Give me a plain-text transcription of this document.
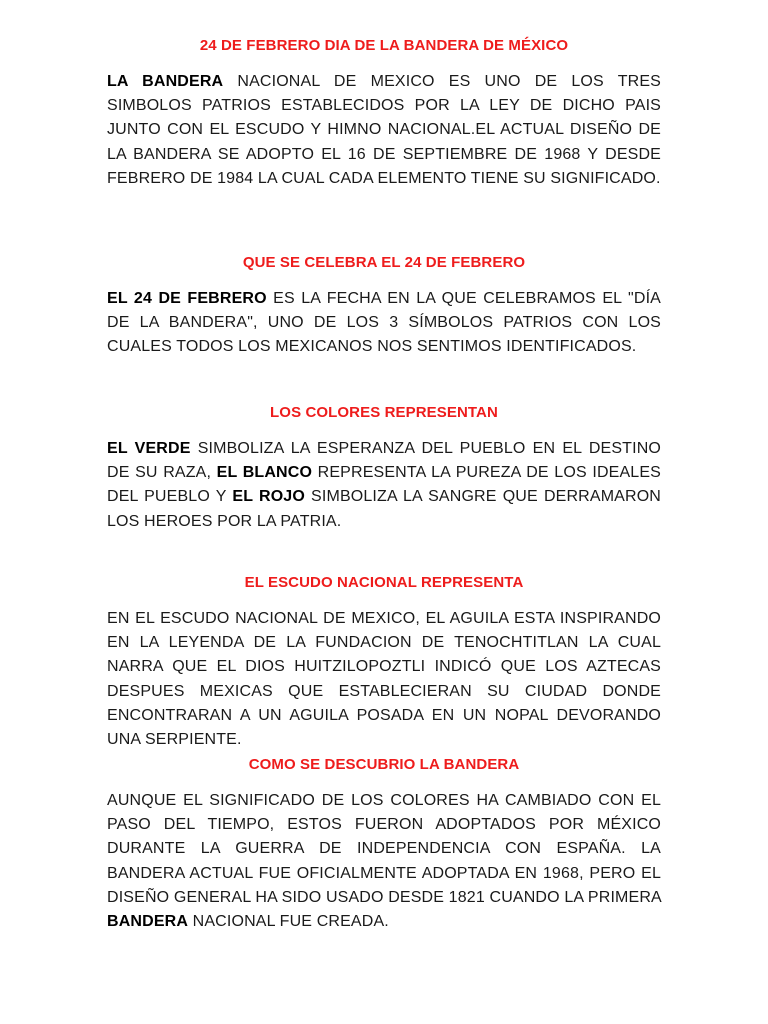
24 DE FEBRERO DIA DE LA BANDERA DE MÉXICO

LA BANDERA NACIONAL DE MEXICO ES UNO DE LOS TRES SIMBOLOS PATRIOS ESTABLECIDOS POR LA LEY DE DICHO PAIS JUNTO CON EL ESCUDO Y HIMNO NACIONAL.EL ACTUAL DISEÑO DE LA BANDERA SE ADOPTO EL 16 DE SEPTIEMBRE DE 1968 Y DESDE FEBRERO DE 1984 LA CUAL CADA ELEMENTO TIENE SU SIGNIFICADO.

QUE SE CELEBRA EL 24 DE FEBRERO

EL 24 DE FEBRERO ES LA FECHA EN LA QUE CELEBRAMOS EL "DÍA DE LA BANDERA", UNO DE LOS 3 SÍMBOLOS PATRIOS CON LOS CUALES TODOS LOS MEXICANOS NOS SENTIMOS IDENTIFICADOS.

LOS COLORES REPRESENTAN

EL VERDE SIMBOLIZA LA ESPERANZA DEL PUEBLO EN EL DESTINO DE SU RAZA, EL BLANCO REPRESENTA LA PUREZA DE LOS IDEALES DEL PUEBLO Y EL ROJO SIMBOLIZA LA SANGRE QUE DERRAMARON LOS HEROES POR LA PATRIA.

EL ESCUDO NACIONAL REPRESENTA

EN EL ESCUDO NACIONAL DE MEXICO, EL AGUILA ESTA INSPIRANDO EN LA LEYENDA DE LA FUNDACION DE TENOCHTITLAN LA CUAL NARRA QUE EL DIOS HUITZILOPOZTLI INDICÓ QUE LOS AZTECAS DESPUES MEXICAS QUE ESTABLECIERAN SU CIUDAD DONDE ENCONTRARAN A UN AGUILA POSADA EN UN NOPAL DEVORANDO UNA SERPIENTE.

COMO SE DESCUBRIO LA BANDERA

AUNQUE EL SIGNIFICADO DE LOS COLORES HA CAMBIADO CON EL PASO DEL TIEMPO, ESTOS FUERON ADOPTADOS POR MÉXICO DURANTE LA GUERRA DE INDEPENDENCIA CON ESPAÑA. LA BANDERA ACTUAL FUE OFICIALMENTE ADOPTADA EN 1968, PERO EL DISEÑO GENERAL HA SIDO USADO DESDE 1821 CUANDO LA PRIMERA BANDERA NACIONAL FUE CREADA.
